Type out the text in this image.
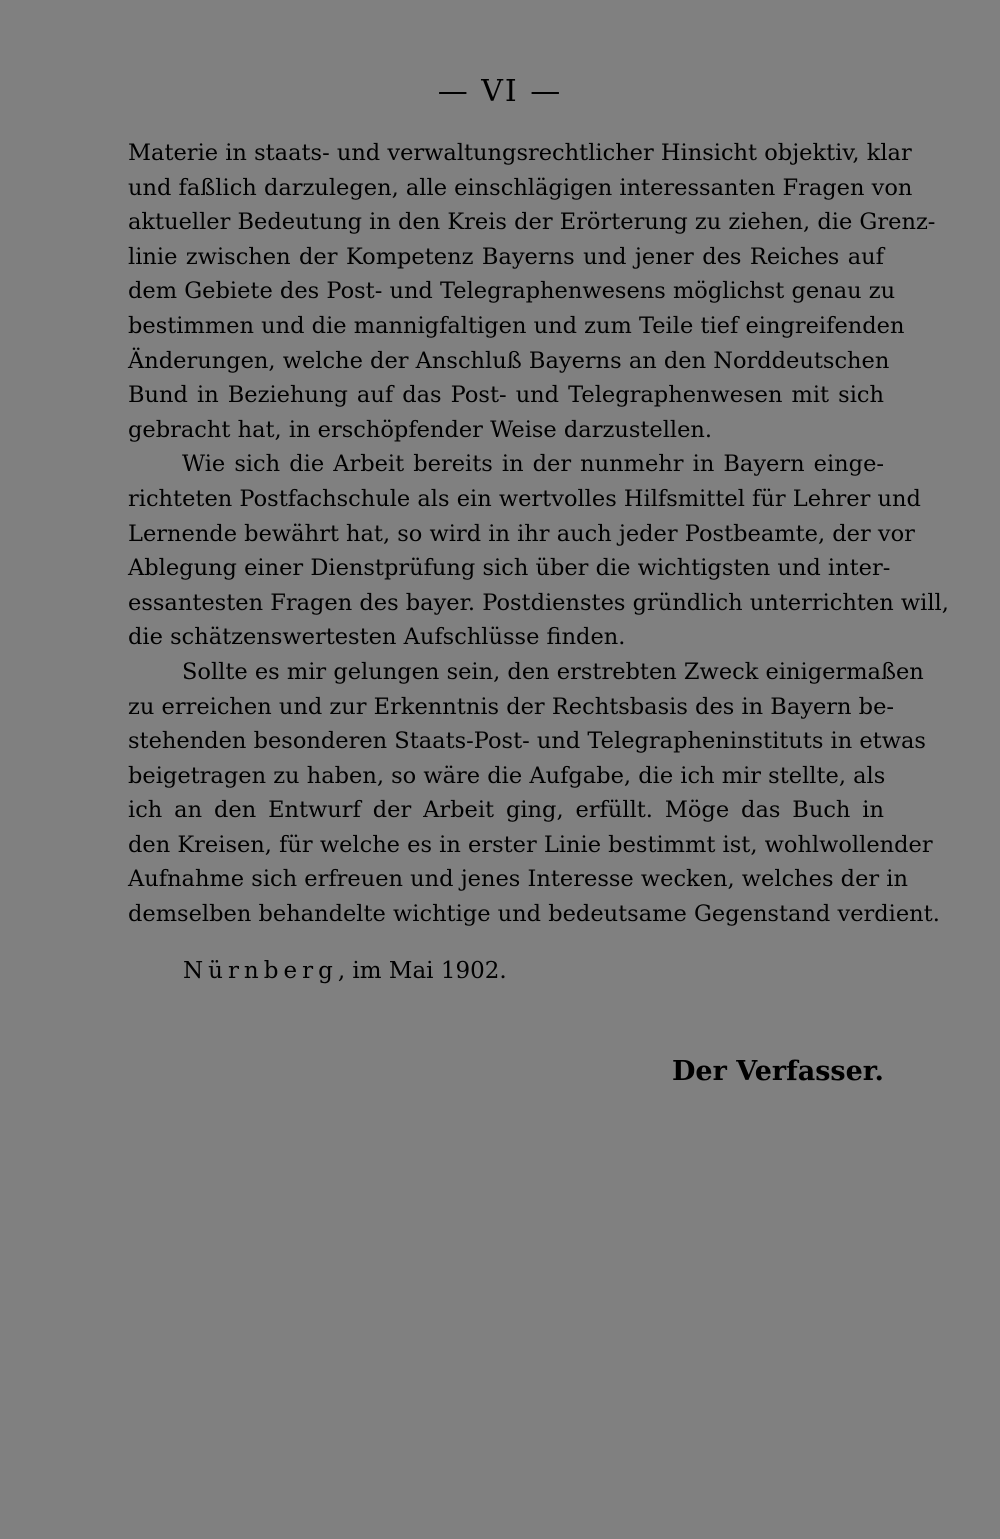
— VI —
Materie in staats- und verwaltungsrechtlicher Hinsicht objektiv, klar
und faßlich darzulegen, alle einschlägigen interessanten Fragen von
aktueller Bedeutung in den Kreis der Erörterung zu ziehen, die Grenz-
linie zwischen der Kompetenz Bayerns und jener des Reiches auf
dem Gebiete des Post- und Telegraphenwesens möglichst genau zu
bestimmen und die mannigfaltigen und zum Teile tief eingreifenden
Änderungen, welche der Anschluß Bayerns an den Norddeutschen
Bund in Beziehung auf das Post- und Telegraphenwesen mit sich
gebracht hat, in erschöpfender Weise darzustellen.
Wie sich die Arbeit bereits in der nunmehr in Bayern einge-
richteten Postfachschule als ein wertvolles Hilfsmittel für Lehrer und
Lernende bewährt hat, so wird in ihr auch jeder Postbeamte, der vor
Ablegung einer Dienstprüfung sich über die wichtigsten und inter-
essantesten Fragen des bayer. Postdienstes gründlich unterrichten will,
die schätzenswertesten Aufschlüsse finden.
Sollte es mir gelungen sein, den erstrebten Zweck einigermaßen
zu erreichen und zur Erkenntnis der Rechtsbasis des in Bayern be-
stehenden besonderen Staats-Post- und Telegrapheninstituts in etwas
beigetragen zu haben, so wäre die Aufgabe, die ich mir stellte, als
ich an den Entwurf der Arbeit ging, erfüllt. Möge das Buch in
den Kreisen, für welche es in erster Linie bestimmt ist, wohlwollender
Aufnahme sich erfreuen und jenes Interesse wecken, welches der in
demselben behandelte wichtige und bedeutsame Gegenstand verdient.
Nürnberg, im Mai 1902.
Der Verfasser.
